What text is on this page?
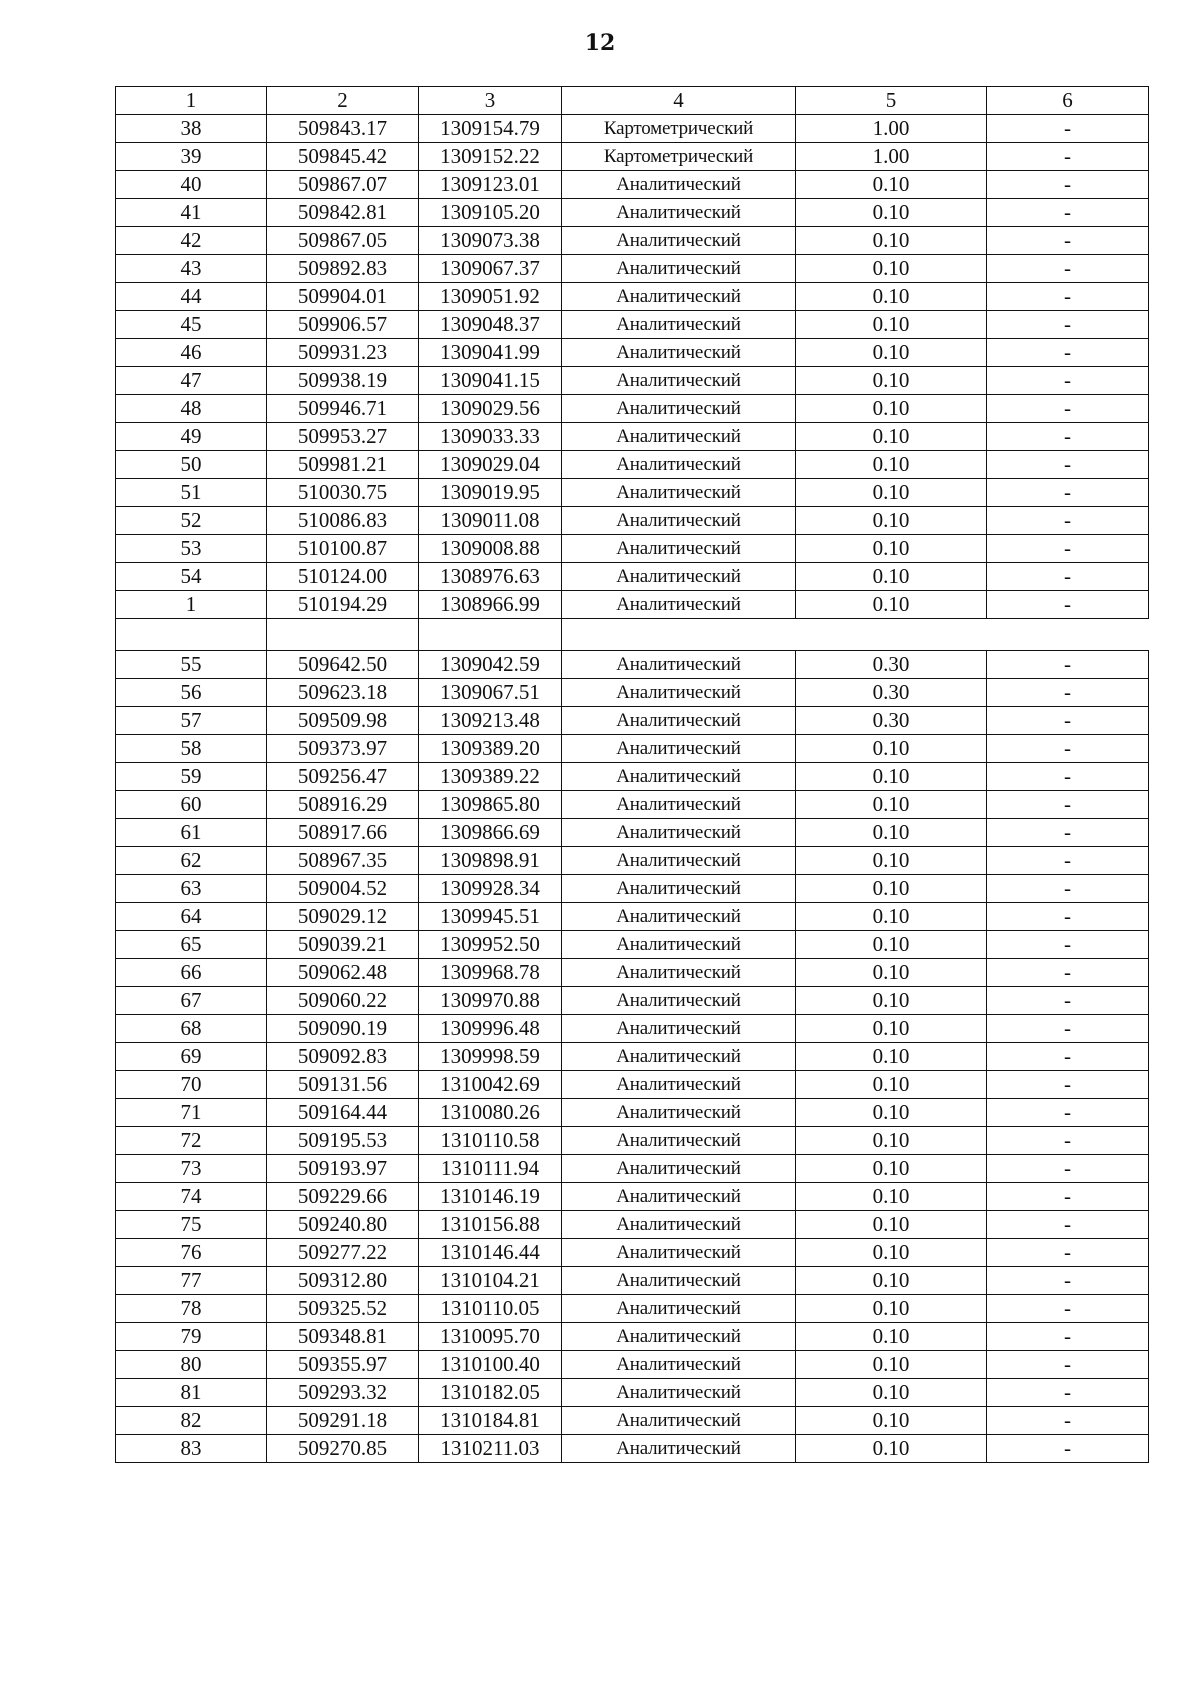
12
1	2	3	4	5	6
38	509843.17	1309154.79	Картометрический	1.00	-
39	509845.42	1309152.22	Картометрический	1.00	-
40	509867.07	1309123.01	Аналитический	0.10	-
41	509842.81	1309105.20	Аналитический	0.10	-
42	509867.05	1309073.38	Аналитический	0.10	-
43	509892.83	1309067.37	Аналитический	0.10	-
44	509904.01	1309051.92	Аналитический	0.10	-
45	509906.57	1309048.37	Аналитический	0.10	-
46	509931.23	1309041.99	Аналитический	0.10	-
47	509938.19	1309041.15	Аналитический	0.10	-
48	509946.71	1309029.56	Аналитический	0.10	-
49	509953.27	1309033.33	Аналитический	0.10	-
50	509981.21	1309029.04	Аналитический	0.10	-
51	510030.75	1309019.95	Аналитический	0.10	-
52	510086.83	1309011.08	Аналитический	0.10	-
53	510100.87	1309008.88	Аналитический	0.10	-
54	510124.00	1308976.63	Аналитический	0.10	-
1	510194.29	1308966.99	Аналитический	0.10	-

55	509642.50	1309042.59	Аналитический	0.30	-
56	509623.18	1309067.51	Аналитический	0.30	-
57	509509.98	1309213.48	Аналитический	0.30	-
58	509373.97	1309389.20	Аналитический	0.10	-
59	509256.47	1309389.22	Аналитический	0.10	-
60	508916.29	1309865.80	Аналитический	0.10	-
61	508917.66	1309866.69	Аналитический	0.10	-
62	508967.35	1309898.91	Аналитический	0.10	-
63	509004.52	1309928.34	Аналитический	0.10	-
64	509029.12	1309945.51	Аналитический	0.10	-
65	509039.21	1309952.50	Аналитический	0.10	-
66	509062.48	1309968.78	Аналитический	0.10	-
67	509060.22	1309970.88	Аналитический	0.10	-
68	509090.19	1309996.48	Аналитический	0.10	-
69	509092.83	1309998.59	Аналитический	0.10	-
70	509131.56	1310042.69	Аналитический	0.10	-
71	509164.44	1310080.26	Аналитический	0.10	-
72	509195.53	1310110.58	Аналитический	0.10	-
73	509193.97	1310111.94	Аналитический	0.10	-
74	509229.66	1310146.19	Аналитический	0.10	-
75	509240.80	1310156.88	Аналитический	0.10	-
76	509277.22	1310146.44	Аналитический	0.10	-
77	509312.80	1310104.21	Аналитический	0.10	-
78	509325.52	1310110.05	Аналитический	0.10	-
79	509348.81	1310095.70	Аналитический	0.10	-
80	509355.97	1310100.40	Аналитический	0.10	-
81	509293.32	1310182.05	Аналитический	0.10	-
82	509291.18	1310184.81	Аналитический	0.10	-
83	509270.85	1310211.03	Аналитический	0.10	-
